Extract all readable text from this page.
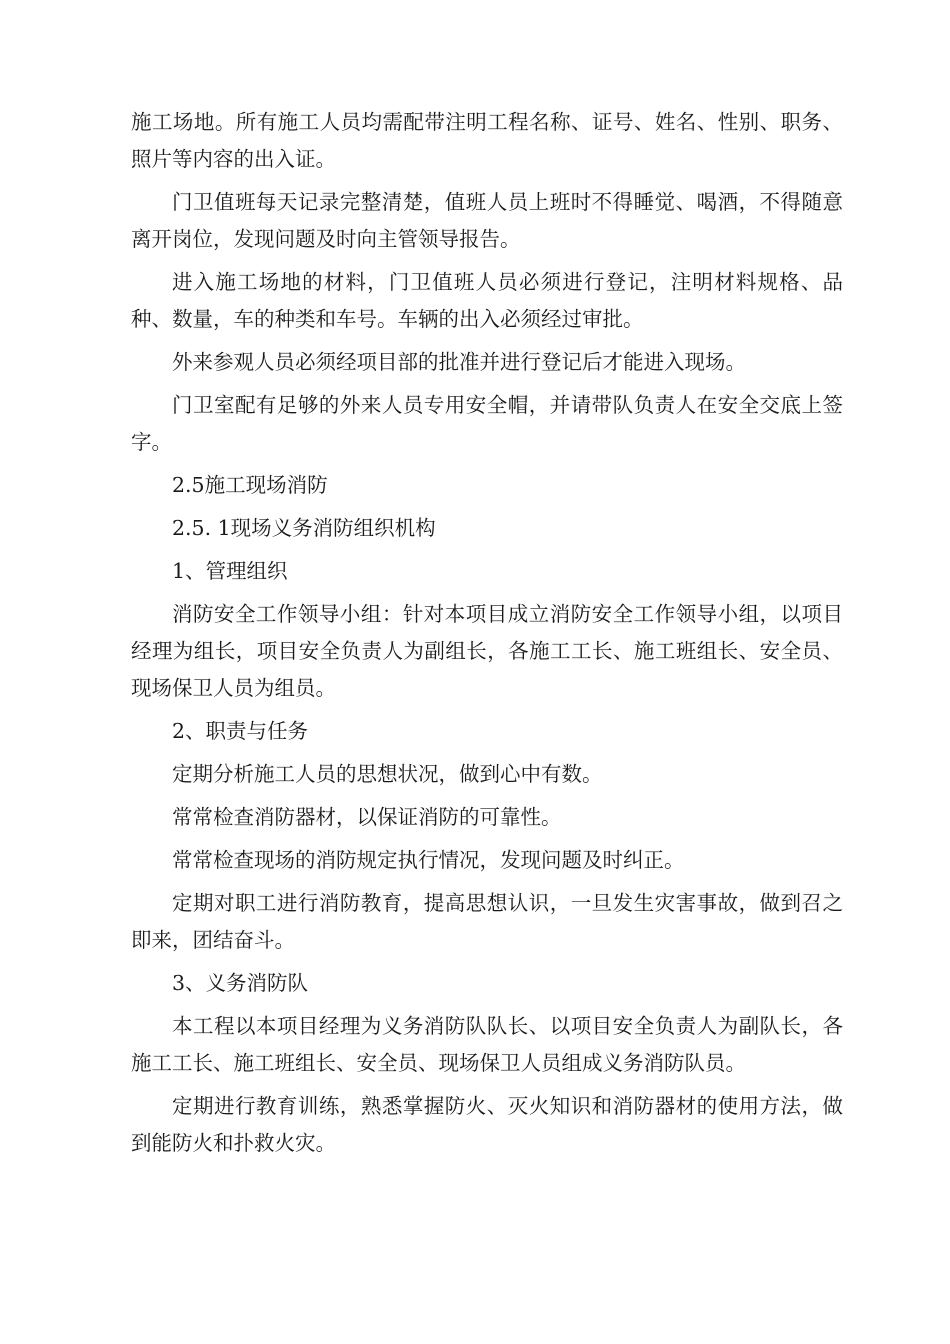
施工场地。所有施工人员均需配带注明工程名称、证号、姓名、性别、职务、照片等内容的出入证。

门卫值班每天记录完整清楚，值班人员上班时不得睡觉、喝酒，不得随意离开岗位，发现问题及时向主管领导报告。

进入施工场地的材料，门卫值班人员必须进行登记，注明材料规格、品种、数量，车的种类和车号。车辆的出入必须经过审批。

外来参观人员必须经项目部的批准并进行登记后才能进入现场。

门卫室配有足够的外来人员专用安全帽，并请带队负责人在安全交底上签字。

2.5施工现场消防

2.5. 1现场义务消防组织机构

1、管理组织

消防安全工作领导小组：针对本项目成立消防安全工作领导小组，以项目经理为组长，项目安全负责人为副组长，各施工工长、施工班组长、安全员、现场保卫人员为组员。

2、职责与任务

定期分析施工人员的思想状况，做到心中有数。

常常检查消防器材，以保证消防的可靠性。

常常检查现场的消防规定执行情况，发现问题及时纠正。

定期对职工进行消防教育，提高思想认识，一旦发生灾害事故，做到召之即来，团结奋斗。

3、义务消防队

本工程以本项目经理为义务消防队队长、以项目安全负责人为副队长，各施工工长、施工班组长、安全员、现场保卫人员组成义务消防队员。

定期进行教育训练，熟悉掌握防火、灭火知识和消防器材的使用方法，做到能防火和扑救火灾。
